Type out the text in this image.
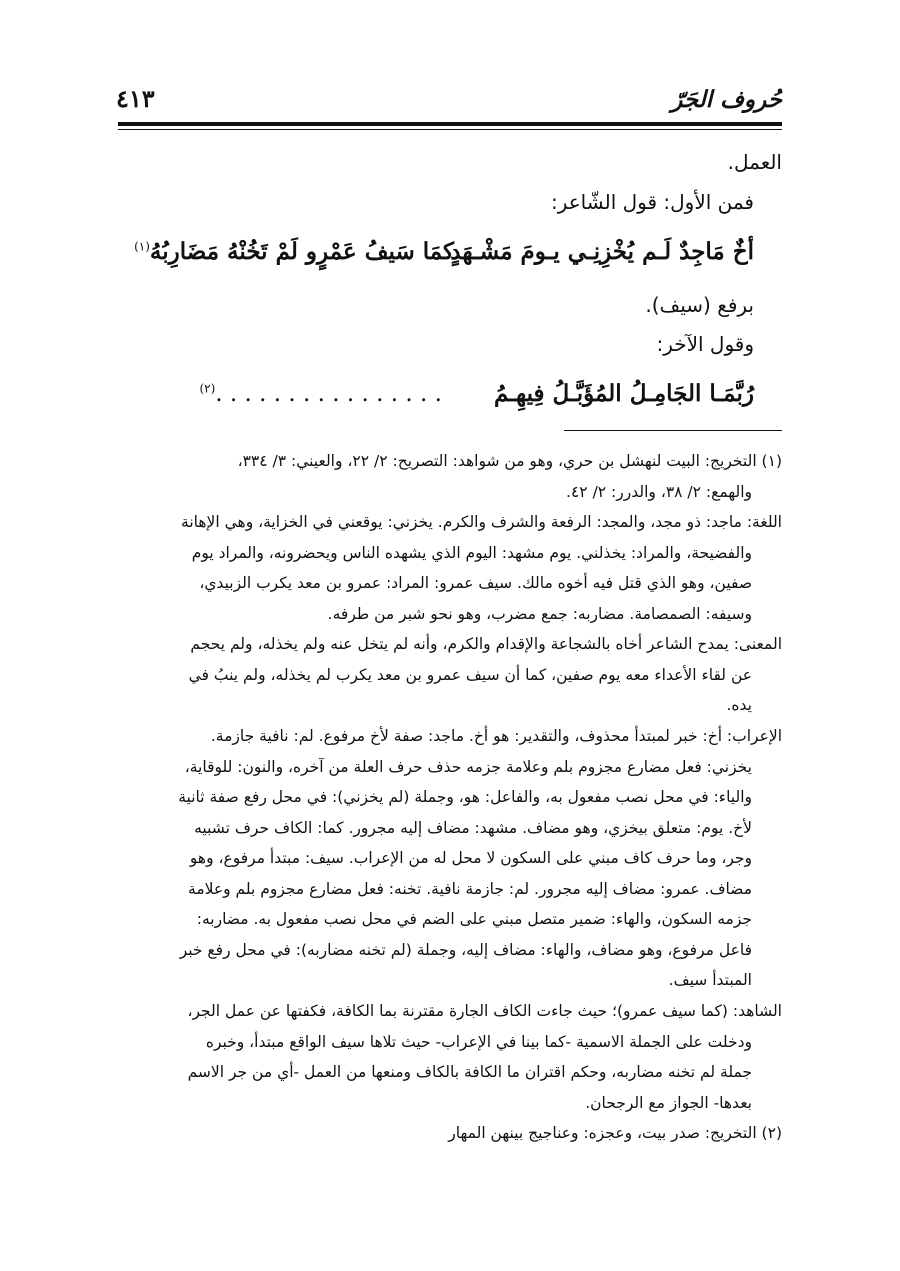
حُروف الجَرّ
٤١٣
العمل.
فمن الأول: قول الشّاعر:
أخٌ مَاجِدٌ لَـم يُخْزِنِـي يـومَ مَشْـهَدٍ
كمَا سَيفُ عَمْرٍو لَمْ تَخُنْهُ مَضَارِبُهُ$^{(١)}$
برفع (سيف).
وقول الآخر:
رُبَّمَـا الجَامِـلُ المُؤَبَّـلُ فِيهِـمُ  . . . . . . . . . . . . . . . .$^{(٢)}$
(١) التخريج: البيت لنهشل بن حري، وهو من شواهد: التصريح: ٢/ ٢٢، والعيني: ٣/ ٣٣٤،
والهمع: ٢/ ٣٨، والدرر: ٢/ ٤٢.
اللغة: ماجد: ذو مجد، والمجد: الرفعة والشرف والكرم. يخزني: يوقعني في الخزاية، وهي الإهانة
والفضيحة، والمراد: يخذلني. يوم مشهد: اليوم الذي يشهده الناس ويحضرونه، والمراد يوم
صفين، وهو الذي قتل فيه أخوه مالك. سيف عمرو: المراد: عمرو بن معد يكرب الزبيدي،
وسيفه: الصمصامة. مضاربه: جمع مضرب، وهو نحو شبر من طرفه.
المعنى: يمدح الشاعر أخاه بالشجاعة والإقدام والكرم، وأنه لم يتخل عنه ولم يخذله، ولم يحجم
عن لقاء الأعداء معه يوم صفين، كما أن سيف عمرو بن معد يكرب لم يخذله، ولم ينبُ في
يده.
الإعراب: أخ: خبر لمبتدأ محذوف، والتقدير: هو أخ. ماجد: صفة لأخ مرفوع. لم: نافية جازمة.
يخزني: فعل مضارع مجزوم بلم وعلامة جزمه حذف حرف العلة من آخره، والنون: للوقاية،
والياء: في محل نصب مفعول به، والفاعل: هو، وجملة (لم يخزني): في محل رفع صفة ثانية
لأخ. يوم: متعلق بيخزي، وهو مضاف. مشهد: مضاف إليه مجرور. كما: الكاف حرف تشبيه
وجر، وما حرف كاف مبني على السكون لا محل له من الإعراب. سيف: مبتدأ مرفوع، وهو
مضاف. عمرو: مضاف إليه مجرور. لم: جازمة نافية. تخنه: فعل مضارع مجزوم بلم وعلامة
جزمه السكون، والهاء: ضمير متصل مبني على الضم في محل نصب مفعول به. مضاربه:
فاعل مرفوع، وهو مضاف، والهاء: مضاف إليه، وجملة (لم تخنه مضاربه): في محل رفع خبر
المبتدأ سيف.
الشاهد: (كما سيف عمرو)؛ حيث جاءت الكاف الجارة مقترنة بما الكافة، فكفتها عن عمل الجر،
ودخلت على الجملة الاسمية -كما بينا في الإعراب- حيث تلاها سيف الواقع مبتدأ، وخبره
جملة لم تخنه مضاربه، وحكم اقتران ما الكافة بالكاف ومنعها من العمل -أي من جر الاسم
بعدها- الجواز مع الرجحان.
(٢) التخريج: صدر بيت، وعجزه: وعناجيج بينهن المهار
